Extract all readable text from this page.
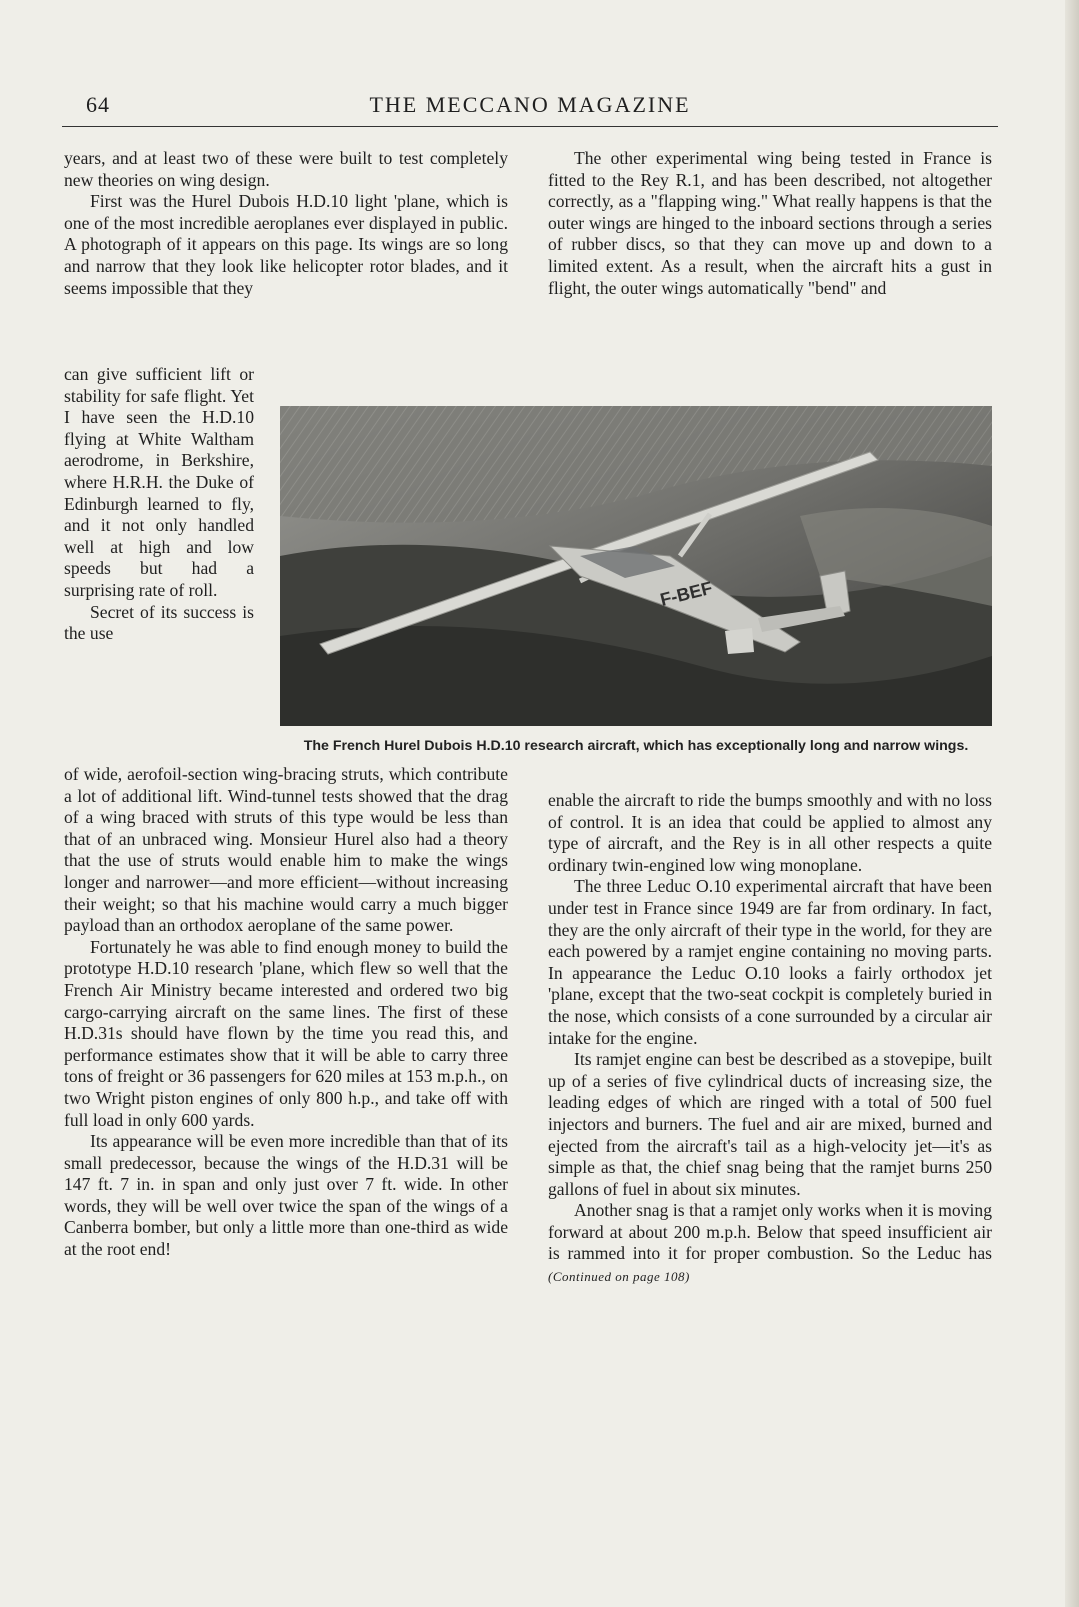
64	THE MECCANO MAGAZINE

years, and at least two of these were built to test completely new theories on wing design.

First was the Hurel Dubois H.D.10 light 'plane, which is one of the most incredible aeroplanes ever displayed in public. A photograph of it appears on this page. Its wings are so long and narrow that they look like helicopter rotor blades, and it seems impossible that they

can give sufficient lift or stability for safe flight. Yet I have seen the H.D.10 flying at White Waltham aerodrome, in Berkshire, where H.R.H. the Duke of Edinburgh learned to fly, and it not only handled well at high and low speeds but had a surprising rate of roll.

Secret of its success is the use

of wide, aerofoil-section wing-bracing struts, which contribute a lot of additional lift. Wind-tunnel tests showed that the drag of a wing braced with struts of this type would be less than that of an unbraced wing. Monsieur Hurel also had a theory that the use of struts would enable him to make the wings longer and narrower—and more efficient—without increasing their weight; so that his machine would carry a much bigger payload than an orthodox aeroplane of the same power.

Fortunately he was able to find enough money to build the prototype H.D.10 research 'plane, which flew so well that the French Air Ministry became interested and ordered two big cargo-carrying aircraft on the same lines. The first of these H.D.31s should have flown by the time you read this, and performance estimates show that it will be able to carry three tons of freight or 36 passengers for 620 miles at 153 m.p.h., on two Wright piston engines of only 800 h.p., and take off with full load in only 600 yards.

Its appearance will be even more incredible than that of its small predecessor, because the wings of the H.D.31 will be 147 ft. 7 in. in span and only just over 7 ft. wide. In other words, they will be well over twice the span of the wings of a Canberra bomber, but only a little more than one-third as wide at the root end!

The other experimental wing being tested in France is fitted to the Rey R.1, and has been described, not altogether correctly, as a "flapping wing." What really happens is that the outer wings are hinged to the inboard sections through a series of rubber discs, so that they can move up and down to a limited extent. As a result, when the aircraft hits a gust in flight, the outer wings automatically "bend" and

F-BEF
The French Hurel Dubois H.D.10 research aircraft, which has exceptionally long and narrow wings.

enable the aircraft to ride the bumps smoothly and with no loss of control. It is an idea that could be applied to almost any type of aircraft, and the Rey is in all other respects a quite ordinary twin-engined low wing monoplane.

The three Leduc O.10 experimental aircraft that have been under test in France since 1949 are far from ordinary. In fact, they are the only aircraft of their type in the world, for they are each powered by a ramjet engine containing no moving parts. In appearance the Leduc O.10 looks a fairly orthodox jet 'plane, except that the two-seat cockpit is completely buried in the nose, which consists of a cone surrounded by a circular air intake for the engine.

Its ramjet engine can best be described as a stovepipe, built up of a series of five cylindrical ducts of increasing size, the leading edges of which are ringed with a total of 500 fuel injectors and burners. The fuel and air are mixed, burned and ejected from the aircraft's tail as a high-velocity jet—it's as simple as that, the chief snag being that the ramjet burns 250 gallons of fuel in about six minutes.

Another snag is that a ramjet only works when it is moving forward at about 200 m.p.h. Below that speed insufficient air is rammed into it for proper combustion. So the Leduc has (Continued on page 108)
